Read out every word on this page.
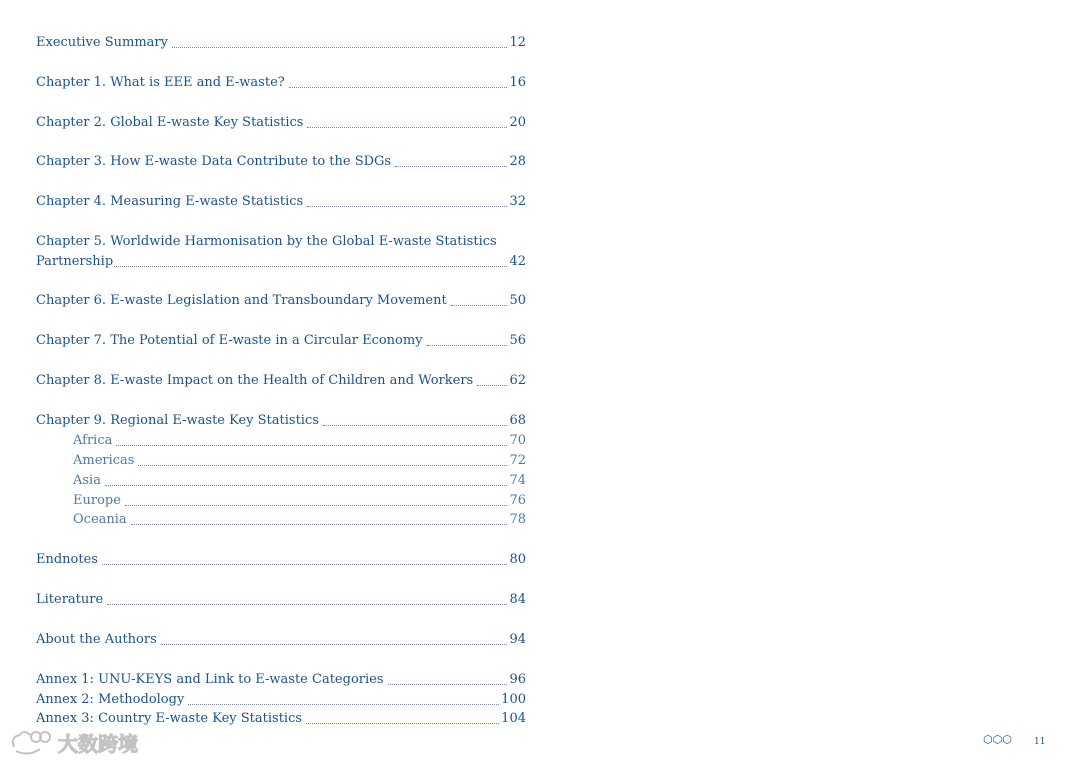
Executive Summary	12
Chapter 1. What is EEE and E-waste?	16
Chapter 2. Global E-waste Key Statistics	20
Chapter 3. How E-waste Data Contribute to the SDGs	28
Chapter 4. Measuring E-waste Statistics	32
Chapter 5. Worldwide Harmonisation by the Global E-waste Statistics
Partnership	42
Chapter 6. E-waste Legislation and Transboundary Movement	50
Chapter 7. The Potential of E-waste in a Circular Economy	56
Chapter 8. E-waste Impact on the Health of Children and Workers	62
Chapter 9. Regional E-waste Key Statistics	68
Africa	70
Americas	72
Asia	74
Europe	76
Oceania	78
Endnotes	80
Literature	84
About the Authors	94
Annex 1: UNU-KEYS and Link to E-waste Categories	96
Annex 2: Methodology	100
Annex 3: Country E-waste Key Statistics	104
大数跨境	⬡⬡⬡ 11
